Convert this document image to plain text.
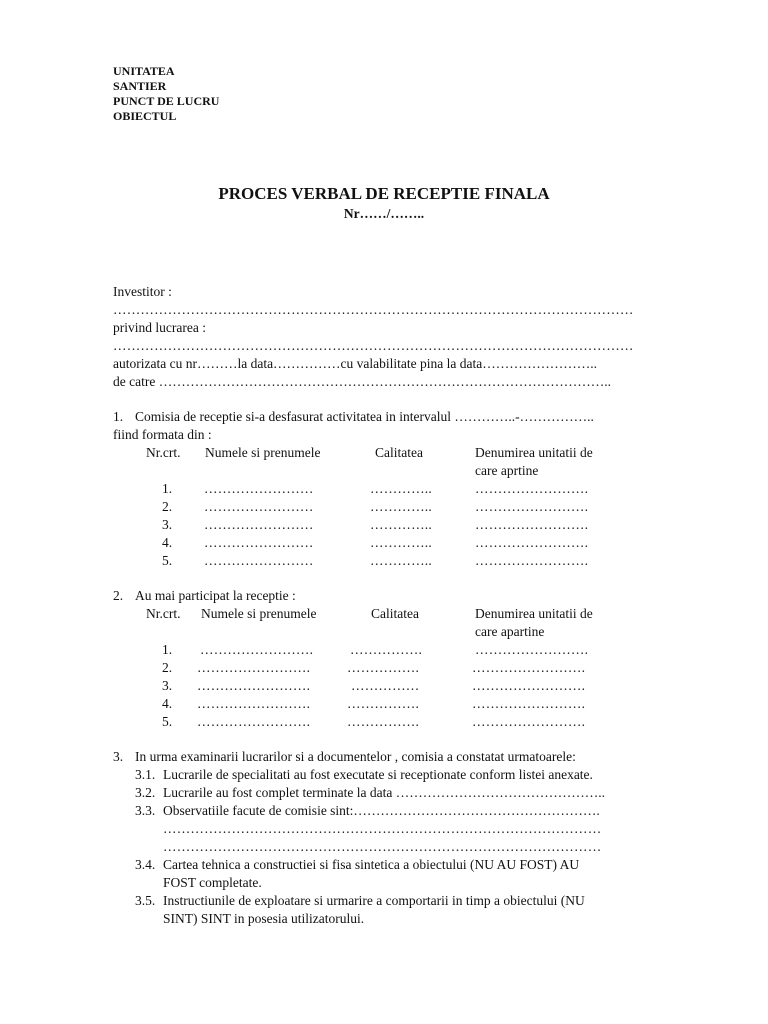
UNITATEA
SANTIER
PUNCT DE LUCRU
OBIECTUL
PROCES VERBAL DE RECEPTIE FINALA
Nr……/……..
Investitor :
……………………………………………………………………………………………………
privind lucrarea :
……………………………………………………………………………………………………
autorizata cu nr………la data……………cu valabilitate pina la data……………………..
de catre ………………………………………………………………………………………..
1. Comisia de receptie si-a desfasurat activitatea in intervalul …………..-……………..
fiind formata din :
Nr.crt. Numele si prenumele	Calitatea	Denumirea unitatii de
care aprtine
1. ……………………	…………..	…………………….
2. ……………………	…………..	…………………….
3. ……………………	…………..	…………………….
4. ……………………	…………..	…………………….
5. ……………………	…………..	…………………….
2. Au mai participat la receptie :
Nr.crt. Numele si prenumele	Calitatea	Denumirea unitatii de
care apartine
1. …………………….	…………….	…………………….
2. …………………….	…………….	…………………….
3. …………………….	……………	…………………….
4. …………………….	…………….	…………………….
5. …………………….	…………….	…………………….
3. In urma examinarii lucrarilor si a documentelor , comisia a constatat urmatoarele:
3.1. Lucrarile de specialitati au fost executate si receptionate conform listei anexate.
3.2. Lucrarile au fost complet terminate la data ………………………………………..
3.3. Observatiile facute de comisie sint:……………………………………………….
……………………………………………………………………………………
……………………………………………………………………………………
3.4. Cartea tehnica a constructiei si fisa sintetica a obiectului (NU AU FOST) AU
FOST completate.
3.5. Instructiunile de exploatare si urmarire a comportarii in timp a obiectului (NU
SINT) SINT in posesia utilizatorului.
